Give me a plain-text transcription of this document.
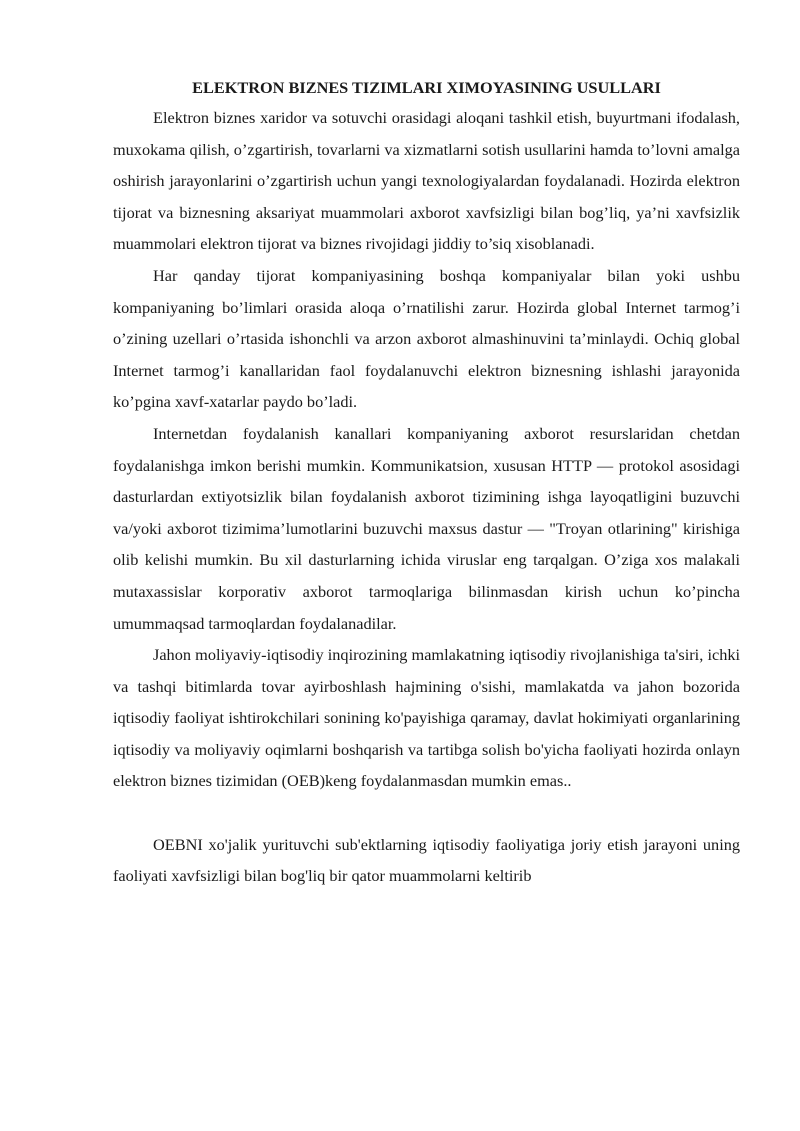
ELEKTRON BIZNES TIZIMLARI XIMOYASINING USULLARI

Elektron biznes xaridor va sotuvchi orasidagi aloqani tashkil etish, buyurtmani ifodalash, muxokama qilish, o’zgartirish, tovarlarni va xizmatlarni sotish usullarini hamda to’lovni amalga oshirish jarayonlarini o’zgartirish uchun yangi texnologiyalardan foydalanadi. Hozirda elektron tijorat va biznesning aksariyat muammolari axborot xavfsizligi bilan bog’liq, ya’ni xavfsizlik muammolari elektron tijorat va biznes rivojidagi jiddiy to’siq xisoblanadi.

Har qanday tijorat kompaniyasining boshqa kompaniyalar bilan yoki ushbu kompaniyaning bo’limlari orasida aloqa o’rnatilishi zarur. Hozirda global Internet tarmog’i o’zining uzellari o’rtasida ishonchli va arzon axborot almashinuvini ta’minlaydi. Ochiq global Internet tarmog’i kanallaridan faol foydalanuvchi elektron biznesning ishlashi jarayonida ko’pgina xavf-xatarlar paydo bo’ladi.

Internetdan foydalanish kanallari kompaniyaning axborot resurslaridan chetdan foydalanishga imkon berishi mumkin. Kommunikatsion, xususan HTTP — protokol asosidagi dasturlardan extiyotsizlik bilan foydalanish axborot tizimining ishga layoqatligini buzuvchi va/yoki axborot tizimima’lumotlarini buzuvchi maxsus dastur — "Troyan otlarining" kirishiga olib kelishi mumkin. Bu xil dasturlarning ichida viruslar eng tarqalgan. O’ziga xos malakali mutaxassislar korporativ axborot tarmoqlariga bilinmasdan kirish uchun ko’pincha umummaqsad tarmoqlardan foydalanadilar.

Jahon moliyaviy-iqtisodiy inqirozining mamlakatning iqtisodiy rivojlanishiga ta'siri, ichki va tashqi bitimlarda tovar ayirboshlash hajmining o'sishi, mamlakatda va jahon bozorida iqtisodiy faoliyat ishtirokchilari sonining ko'payishiga qaramay, davlat hokimiyati organlarining iqtisodiy va moliyaviy oqimlarni boshqarish va tartibga solish bo'yicha faoliyati hozirda onlayn elektron biznes tizimidan (OEB)keng foydalanmasdan mumkin emas..

OEBNI xo'jalik yurituvchi sub'ektlarning iqtisodiy faoliyatiga joriy etish jarayoni uning faoliyati xavfsizligi bilan bog'liq bir qator muammolarni keltirib
